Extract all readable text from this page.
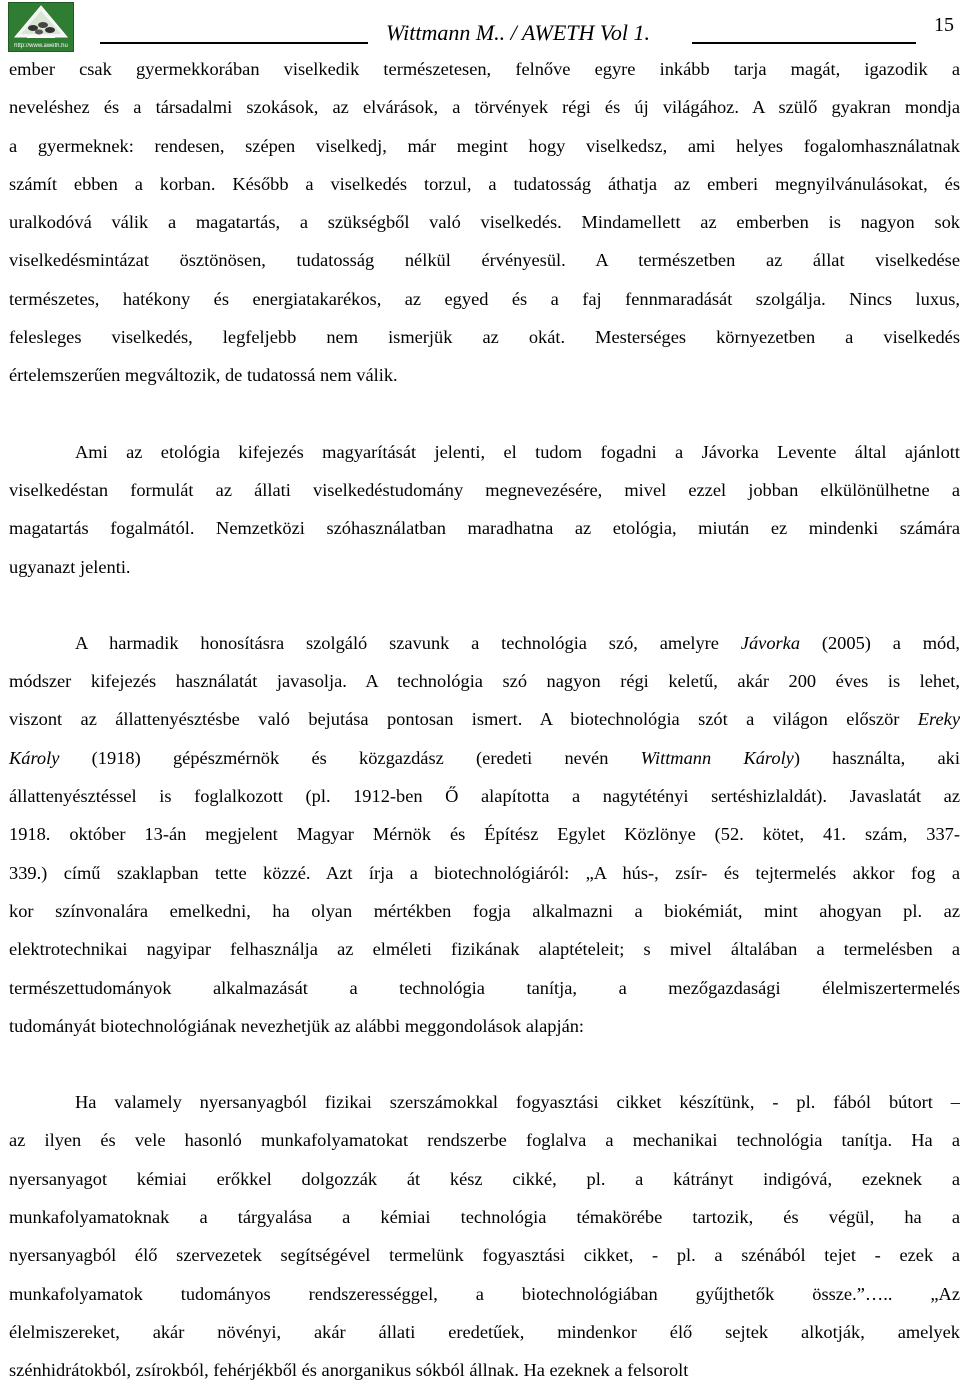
http://www.aweth.hu
Wittmann M.. / AWETH Vol 1.	15

ember csak gyermekkorában viselkedik természetesen, felnőve egyre inkább tarja magát, igazodik a

neveléshez és a társadalmi szokások, az elvárások, a törvények régi és új világához. A szülő gyakran mondja

a gyermeknek: rendesen, szépen viselkedj, már megint hogy viselkedsz, ami helyes fogalomhasználatnak

számít ebben a korban. Később a viselkedés torzul, a tudatosság áthatja az emberi megnyilvánulásokat, és

uralkodóvá válik a magatartás, a szükségből való viselkedés. Mindamellett az emberben is nagyon sok

viselkedésmintázat ösztönösen, tudatosság nélkül érvényesül. A természetben az állat viselkedése

természetes, hatékony és energiatakarékos, az egyed és a faj fennmaradását szolgálja. Nincs luxus,

felesleges viselkedés, legfeljebb nem ismerjük az okát. Mesterséges környezetben a viselkedés

értelemszerűen megváltozik, de tudatossá nem válik.

Ami az etológia kifejezés magyarítását jelenti, el tudom fogadni a Jávorka Levente által ajánlott

viselkedéstan formulát az állati viselkedéstudomány megnevezésére, mivel ezzel jobban elkülönülhetne a

magatartás fogalmától. Nemzetközi szóhasználatban maradhatna az etológia, miután ez mindenki számára

ugyanazt jelenti.

A harmadik honosításra szolgáló szavunk a technológia szó, amelyre Jávorka (2005) a mód,

módszer kifejezés használatát javasolja. A technológia szó nagyon régi keletű, akár 200 éves is lehet,

viszont az állattenyésztésbe való bejutása pontosan ismert. A biotechnológia szót a világon először Ereky

Károly (1918) gépészmérnök és közgazdász (eredeti nevén Wittmann Károly) használta, aki

állattenyésztéssel is foglalkozott (pl. 1912-ben Ő alapította a nagytétényi sertéshizlaldát). Javaslatát az

1918. október 13-án megjelent Magyar Mérnök és Építész Egylet Közlönye (52. kötet, 41. szám, 337-

339.) című szaklapban tette közzé. Azt írja a biotechnológiáról: „A hús-, zsír- és tejtermelés akkor fog a

kor színvonalára emelkedni, ha olyan mértékben fogja alkalmazni a biokémiát, mint ahogyan pl. az

elektrotechnikai nagyipar felhasználja az elméleti fizikának alaptételeit; s mivel általában a termelésben a

természettudományok alkalmazását a technológia tanítja, a mezőgazdasági élelmiszertermelés

tudományát biotechnológiának nevezhetjük az alábbi meggondolások alapján:

Ha valamely nyersanyagból fizikai szerszámokkal fogyasztási cikket készítünk, - pl. fából bútort –

az ilyen és vele hasonló munkafolyamatokat rendszerbe foglalva a mechanikai technológia tanítja. Ha a

nyersanyagot kémiai erőkkel dolgozzák át kész cikké, pl. a kátrányt indigóvá, ezeknek a

munkafolyamatoknak a tárgyalása a kémiai technológia témakörébe tartozik, és végül, ha a

nyersanyagból élő szervezetek segítségével termelünk fogyasztási cikket, - pl. a szénából tejet - ezek a

munkafolyamatok tudományos rendszerességgel, a biotechnológiában gyűjthetők össze.”….. „Az

élelmiszereket, akár növényi, akár állati eredetűek, mindenkor élő sejtek alkotják, amelyek

szénhidrátokból, zsírokból, fehérjékből és anorganikus sókból állnak. Ha ezeknek a felsorolt
